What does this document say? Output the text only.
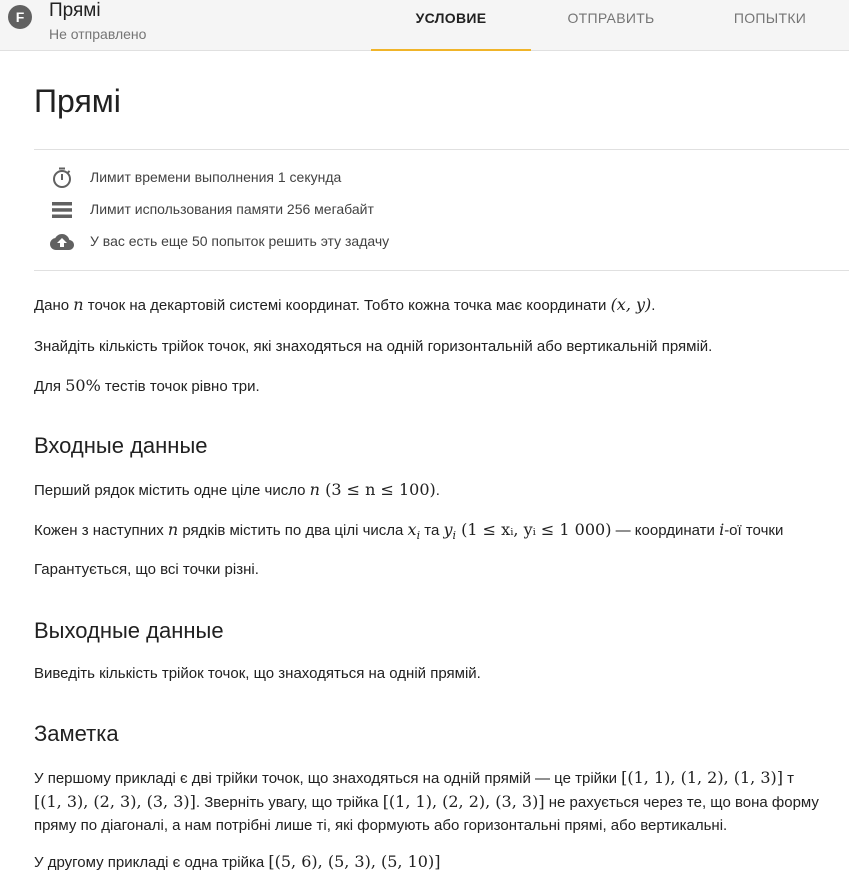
F	Прямі
Не отправлено
УСЛОВИЕ	ОТПРАВИТЬ	ПОПЫТКИ
Прямі
Лимит времени выполнения 1 секунда
Лимит использования памяти 256 мегабайт
У вас есть еще 50 попыток решить эту задачу
Дано n точок на декартовій системі координат. Тобто кожна точка має координати (x, y).
Знайдіть кількість трійок точок, які знаходяться на одній горизонтальній або вертикальній прямій.
Для 50% тестів точок рівно три.
Входные данные
Перший рядок містить одне ціле число n (3 ≤ n ≤ 100).
Кожен з наступних n рядків містить по два цілі числа $x_i$ та $y_i$ (1 ≤ xᵢ, yᵢ ≤ 1 000) — координати i-ої точки
Гарантується, що всі точки різні.
Выходные данные
Виведіть кількість трійок точок, що знаходяться на одній прямій.
Заметка
У першому прикладі є дві трійки точок, що знаходяться на одній прямій — це трійки [(1, 1), (1, 2), (1, 3)] т
[(1, 3), (2, 3), (3, 3)]. Зверніть увагу, що трійка [(1, 1), (2, 2), (3, 3)] не рахується через те, що вона форму
пряму по діагоналі, а нам потрібні лише ті, які формують або горизонтальні прямі, або вертикальні.
У другому прикладі є одна трійка [(5, 6), (5, 3), (5, 10)]
